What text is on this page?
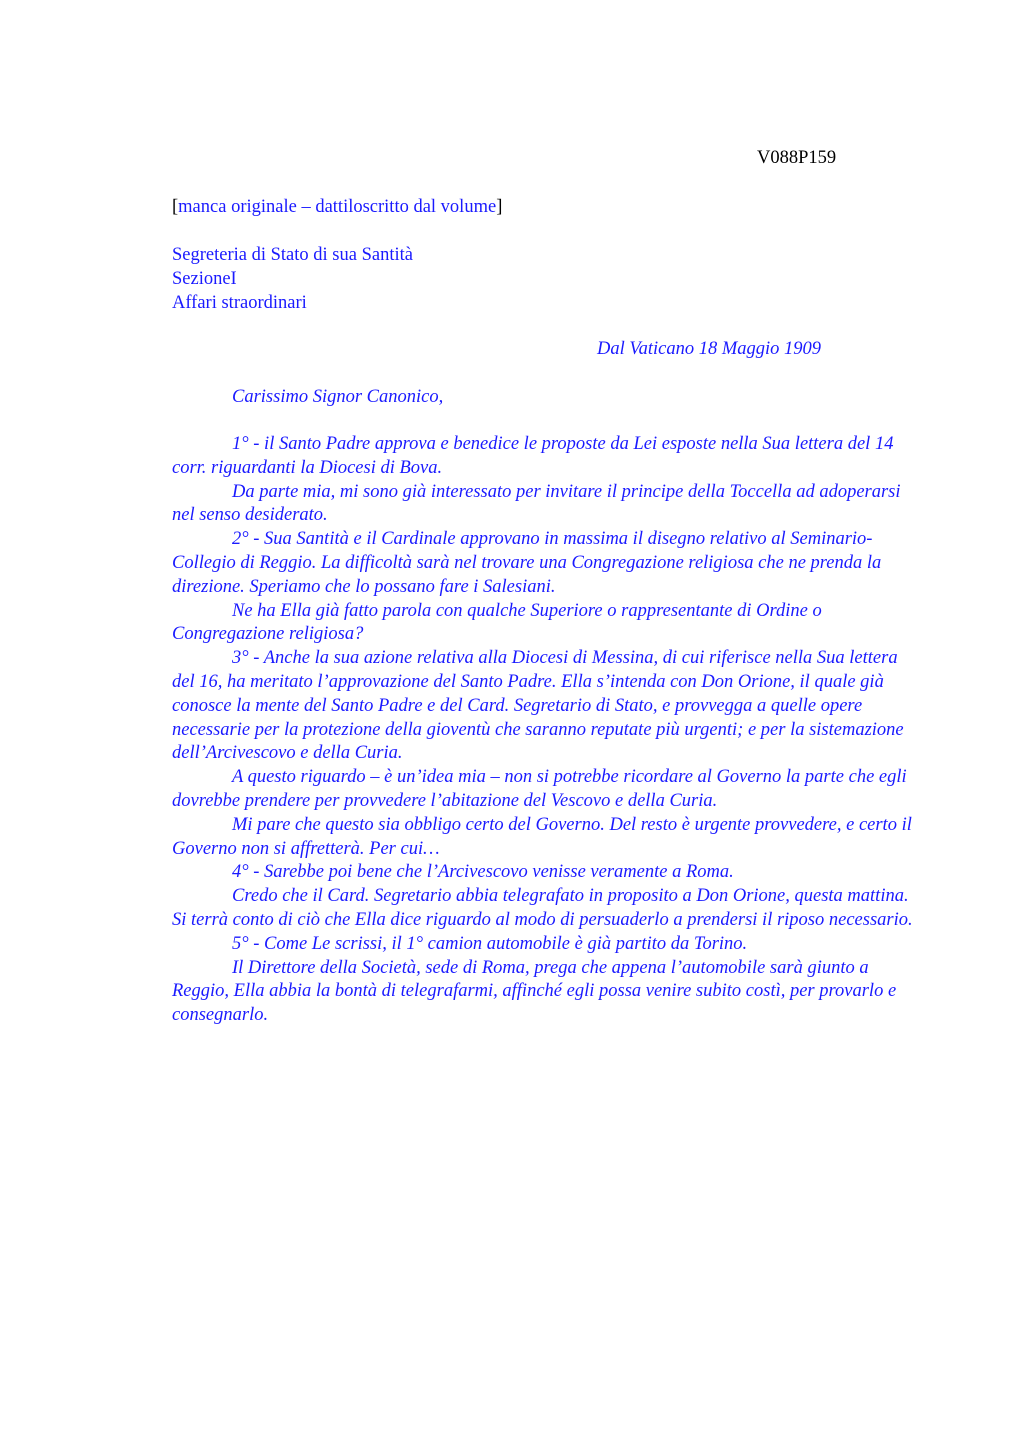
V088P159
[manca originale – dattiloscritto dal volume]
Segreteria di Stato di sua Santità
SezioneI
Affari straordinari
Dal Vaticano 18 Maggio 1909
Carissimo Signor Canonico,

1° - il Santo Padre approva e benedice le proposte da Lei esposte nella Sua lettera del 14 corr. riguardanti la Diocesi di Bova.

Da parte mia, mi sono già interessato per invitare il principe della Toccella ad adoperarsi nel senso desiderato.

2° - Sua Santità e il Cardinale approvano in massima il disegno relativo al Seminario-Collegio di Reggio. La difficoltà sarà nel trovare una Congregazione religiosa che ne prenda la direzione. Speriamo che lo possano fare i Salesiani.

Ne ha Ella già fatto parola con qualche Superiore o rappresentante di Ordine o Congregazione religiosa?

3° - Anche la sua azione relativa alla Diocesi di Messina, di cui riferisce nella Sua lettera del 16, ha meritato l’approvazione del Santo Padre. Ella s’intenda con Don Orione, il quale già conosce la mente del Santo Padre e del Card. Segretario di Stato, e provvegga a quelle opere necessarie per la protezione della gioventù che saranno reputate più urgenti; e per la sistemazione dell’Arcivescovo e della Curia.

A questo riguardo – è un’idea mia – non si potrebbe ricordare al Governo la parte che egli dovrebbe prendere per provvedere l’abitazione del Vescovo e della Curia.

Mi pare che questo sia obbligo certo del Governo. Del resto è urgente provvedere, e certo il Governo non si affretterà. Per cui…

4° - Sarebbe poi bene che l’Arcivescovo venisse veramente a Roma.

Credo che il Card. Segretario abbia telegrafato in proposito a Don Orione, questa mattina. Si terrà conto di ciò che Ella dice riguardo al modo di persuaderlo a prendersi il riposo necessario.

5° - Come Le scrissi, il 1° camion automobile è già partito da Torino.

Il Direttore della Società, sede di Roma, prega che appena l’automobile sarà giunto a Reggio, Ella abbia la bontà di telegrafarmi, affinché egli possa venire subito costì, per provarlo e consegnarlo.
